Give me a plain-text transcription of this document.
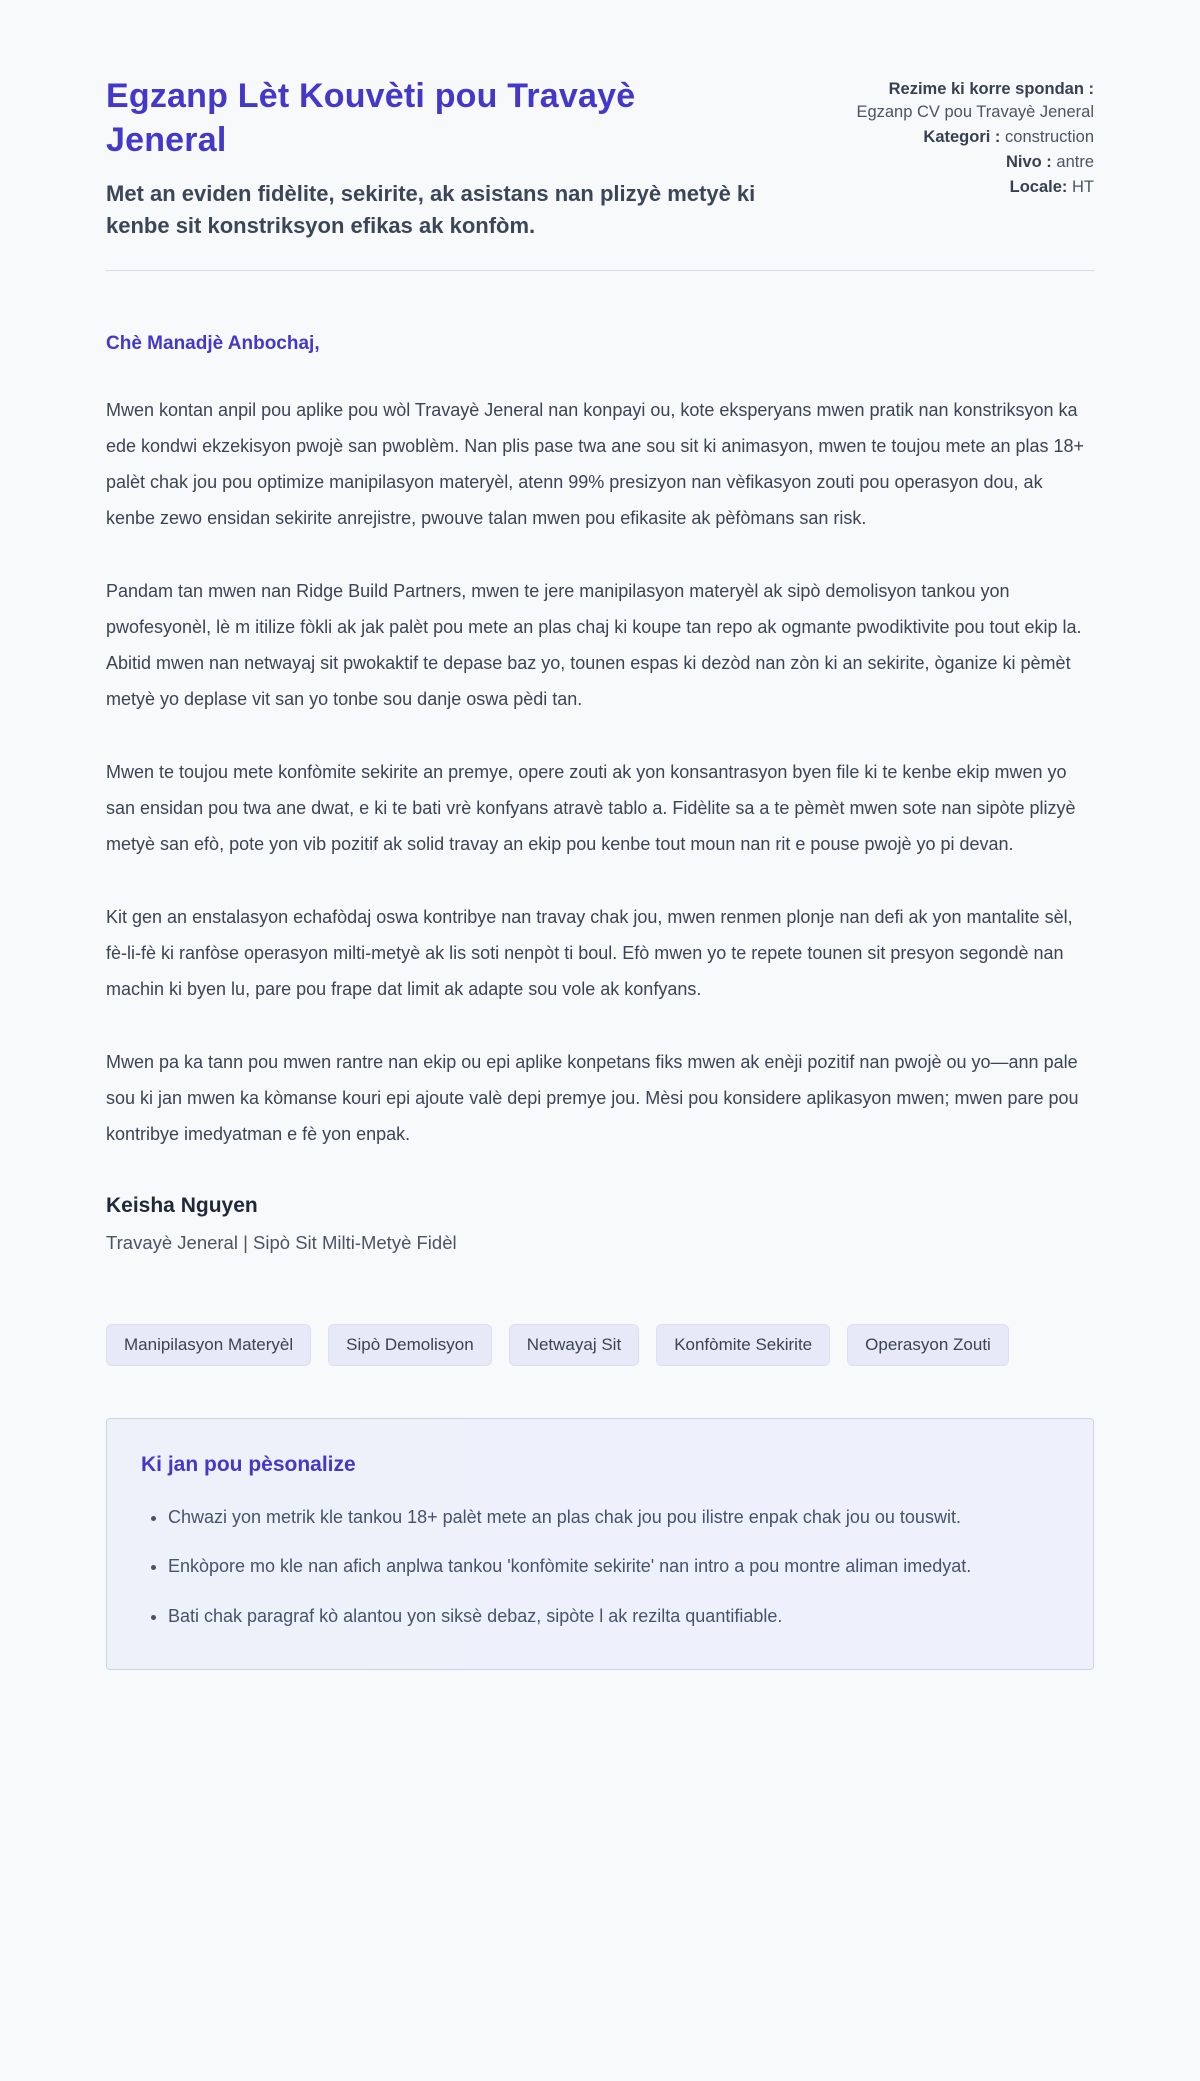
Egzanp Lèt Kouvèti pou Travayè Jeneral
Met an eviden fidèlite, sekirite, ak asistans nan plizyè metyè ki kenbe sit konstriksyon efikas ak konfòm.
Rezime ki korre spondan : Egzanp CV pou Travayè Jeneral
Kategori : construction
Nivo : antre
Locale: HT

Chè Manadjè Anbochaj,

Mwen kontan anpil pou aplike pou wòl Travayè Jeneral nan konpayi ou, kote eksperyans mwen pratik nan konstriksyon ka ede kondwi ekzekisyon pwojè san pwoblèm. Nan plis pase twa ane sou sit ki animasyon, mwen te toujou mete an plas 18+ palèt chak jou pou optimize manipilasyon materyèl, atenn 99% presizyon nan vèfikasyon zouti pou operasyon dou, ak kenbe zewo ensidan sekirite anrejistre, pwouve talan mwen pou efikasite ak pèfòmans san risk.

Pandam tan mwen nan Ridge Build Partners, mwen te jere manipilasyon materyèl ak sipò demolisyon tankou yon pwofesyonèl, lè m itilize fòkli ak jak palèt pou mete an plas chaj ki koupe tan repo ak ogmante pwodiktivite pou tout ekip la. Abitid mwen nan netwayaj sit pwokaktif te depase baz yo, tounen espas ki dezòd nan zòn ki an sekirite, òganize ki pèmèt metyè yo deplase vit san yo tonbe sou danje oswa pèdi tan.

Mwen te toujou mete konfòmite sekirite an premye, opere zouti ak yon konsantrasyon byen file ki te kenbe ekip mwen yo san ensidan pou twa ane dwat, e ki te bati vrè konfyans atravè tablo a. Fidèlite sa a te pèmèt mwen sote nan sipòte plizyè metyè san efò, pote yon vib pozitif ak solid travay an ekip pou kenbe tout moun nan rit e pouse pwojè yo pi devan.

Kit gen an enstalasyon echafòdaj oswa kontribye nan travay chak jou, mwen renmen plonje nan defi ak yon mantalite sèl, fè-li-fè ki ranfòse operasyon milti-metyè ak lis soti nenpòt ti boul. Efò mwen yo te repete tounen sit presyon segondè nan machin ki byen lu, pare pou frape dat limit ak adapte sou vole ak konfyans.

Mwen pa ka tann pou mwen rantre nan ekip ou epi aplike konpetans fiks mwen ak enèji pozitif nan pwojè ou yo—ann pale sou ki jan mwen ka kòmanse kouri epi ajoute valè depi premye jou. Mèsi pou konsidere aplikasyon mwen; mwen pare pou kontribye imedyatman e fè yon enpak.

Keisha Nguyen

Travayè Jeneral | Sipò Sit Milti-Metyè Fidèl

Manipilasyon Materyèl	Sipò Demolisyon	Netwayaj Sit	Konfòmite Sekirite	Operasyon Zouti
Ki jan pou pèsonalize
• Chwazi yon metrik kle tankou 18+ palèt mete an plas chak jou pou ilistre enpak chak jou ou touswit.
• Enkòpore mo kle nan afich anplwa tankou 'konfòmite sekirite' nan intro a pou montre aliman imedyat.
• Bati chak paragraf kò alantou yon siksè debaz, sipòte l ak rezilta quantifiable.
